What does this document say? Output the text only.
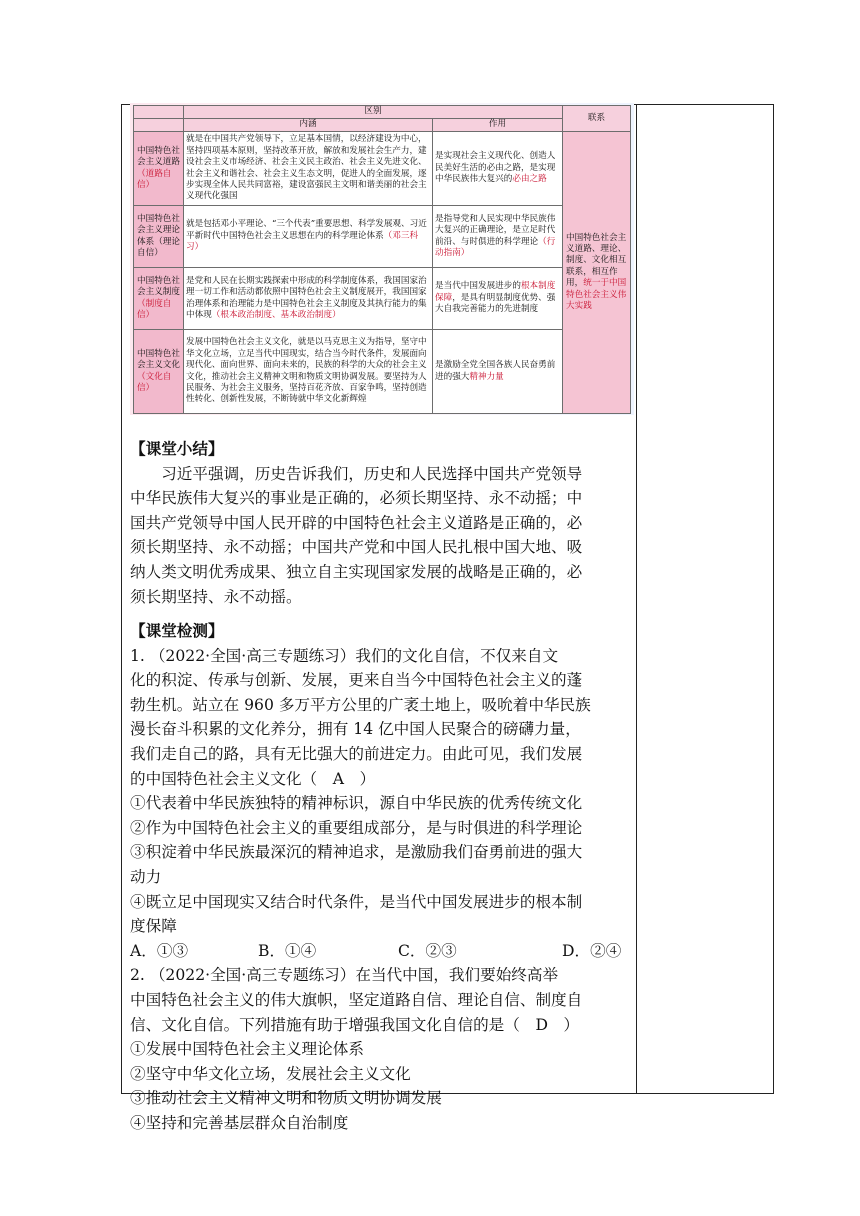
	区别		联系
	内涵	作用	
中国特色社会主义道路（道路自信）	就是在中国共产党领导下，立足基本国情，以经济建设为中心，坚持四项基本原则，坚持改革开放，解放和发展社会生产力，建设社会主义市场经济、社会主义民主政治、社会主义先进文化、社会主义和谐社会、社会主义生态文明，促进人的全面发展，逐步实现全体人民共同富裕，建设富强民主文明和谐美丽的社会主义现代化强国	是实现社会主义现代化、创造人民美好生活的必由之路，是实现中华民族伟大复兴的必由之路	中国特色社会主义道路、理论、制度、文化相互联系，相互作用，统一于中国特色社会主义伟大实践
中国特色社会主义理论体系（理论自信）	就是包括邓小平理论、“三个代表”重要思想、科学发展观、习近平新时代中国特色社会主义思想在内的科学理论体系（邓三科习）	是指导党和人民实现中华民族伟大复兴的正确理论，是立足时代前沿、与时俱进的科学理论（行动指南）	
中国特色社会主义制度（制度自信）	是党和人民在长期实践探索中形成的科学制度体系，我国国家治理一切工作和活动都依照中国特色社会主义制度展开，我国国家治理体系和治理能力是中国特色社会主义制度及其执行能力的集中体现（根本政治制度、基本政治制度）	是当代中国发展进步的根本制度保障，是具有明显制度优势、强大自我完善能力的先进制度	
中国特色社会主义文化（文化自信）	发展中国特色社会主义文化，就是以马克思主义为指导，坚守中华文化立场，立足当代中国现实，结合当今时代条件，发展面向现代化、面向世界、面向未来的，民族的科学的大众的社会主义文化，推动社会主义精神文明和物质文明协调发展。要坚持为人民服务、为社会主义服务，坚持百花齐放、百家争鸣，坚持创造性转化、创新性发展，不断铸就中华文化新辉煌	是激励全党全国各族人民奋勇前进的强大精神力量	
【课堂小结】
习近平强调，历史告诉我们，历史和人民选择中国共产党领导
中华民族伟大复兴的事业是正确的，必须长期坚持、永不动摇；中
国共产党领导中国人民开辟的中国特色社会主义道路是正确的，必
须长期坚持、永不动摇；中国共产党和中国人民扎根中国大地、吸
纳人类文明优秀成果、独立自主实现国家发展的战略是正确的，必
须长期坚持、永不动摇。
【课堂检测】
1. （2022·全国·高三专题练习）我们的文化自信，不仅来自文
化的积淀、传承与创新、发展，更来自当今中国特色社会主义的蓬
勃生机。站立在 960 多万平方公里的广袤土地上，吸吮着中华民族
漫长奋斗积累的文化养分，拥有 14 亿中国人民聚合的磅礴力量，
我们走自己的路，具有无比强大的前进定力。由此可见，我们发展
的中国特色社会主义文化（　A　）
①代表着中华民族独特的精神标识，源自中华民族的优秀传统文化
②作为中国特色社会主义的重要组成部分，是与时俱进的科学理论
③积淀着中华民族最深沉的精神追求，是激励我们奋勇前进的强大
动力
④既立足中国现实又结合时代条件，是当代中国发展进步的根本制
度保障
A．①③	B．①④	C．②③	D．②④
2. （2022·全国·高三专题练习）在当代中国，我们要始终高举
中国特色社会主义的伟大旗帜，坚定道路自信、理论自信、制度自
信、文化自信。下列措施有助于增强我国文化自信的是（　D　）
①发展中国特色社会主义理论体系
②坚守中华文化立场，发展社会主义文化
③推动社会主义精神文明和物质文明协调发展
④坚持和完善基层群众自治制度
